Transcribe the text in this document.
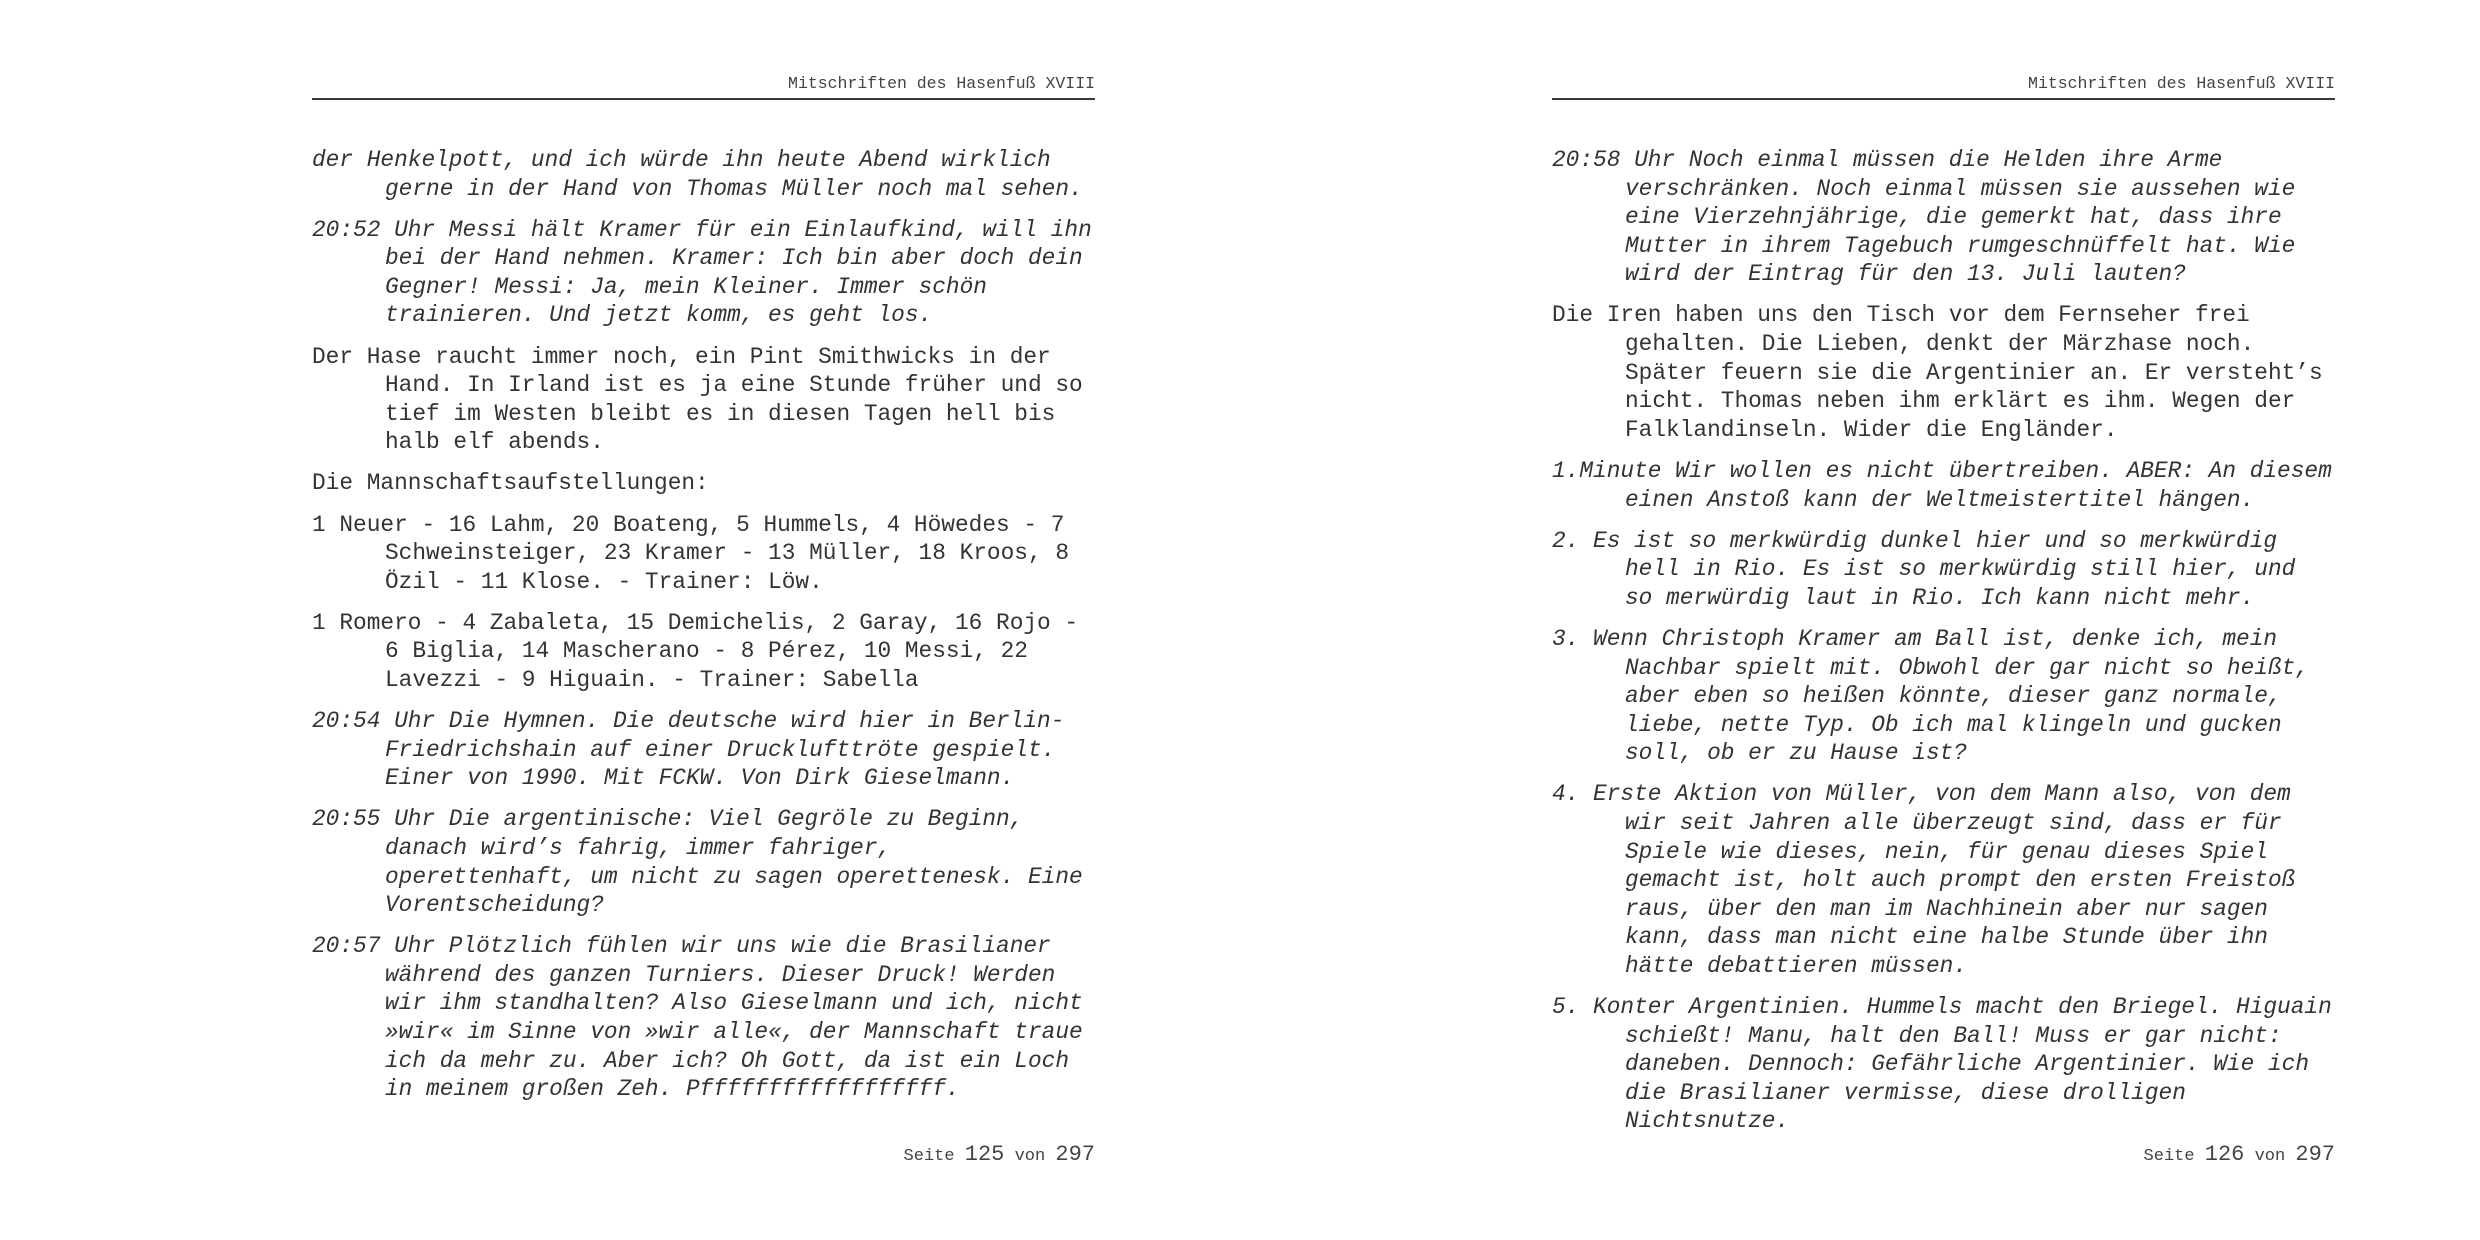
Mitschriften des Hasenfuß XVIII

der Henkelpott, und ich würde ihn heute Abend wirklich gerne in der Hand von Thomas Müller noch mal sehen.

20:52 Uhr Messi hält Kramer für ein Einlaufkind, will ihn bei der Hand nehmen. Kramer: Ich bin aber doch dein Gegner! Messi: Ja, mein Kleiner. Immer schön trainieren. Und jetzt komm, es geht los.

Der Hase raucht immer noch, ein Pint Smithwicks in der Hand. In Irland ist es ja eine Stunde früher und so tief im Westen bleibt es in diesen Tagen hell bis halb elf abends.

Die Mannschaftsaufstellungen:

1 Neuer - 16 Lahm, 20 Boateng, 5 Hummels, 4 Höwedes - 7 Schweinsteiger, 23 Kramer - 13 Müller, 18 Kroos, 8 Özil - 11 Klose. - Trainer: Löw.

1 Romero - 4 Zabaleta, 15 Demichelis, 2 Garay, 16 Rojo - 6 Biglia, 14 Mascherano - 8 Pérez, 10 Messi, 22 Lavezzi - 9 Higuain. - Trainer: Sabella

20:54 Uhr Die Hymnen. Die deutsche wird hier in Berlin-Friedrichshain auf einer Drucklufttröte gespielt. Einer von 1990. Mit FCKW. Von Dirk Gieselmann.

20:55 Uhr Die argentinische: Viel Gegröle zu Beginn, danach wird’s fahrig, immer fahriger, operettenhaft, um nicht zu sagen operettenesk. Eine Vorentscheidung?

20:57 Uhr Plötzlich fühlen wir uns wie die Brasilianer während des ganzen Turniers. Dieser Druck! Werden wir ihm standhalten? Also Gieselmann und ich, nicht »wir« im Sinne von »wir alle«, der Mannschaft traue ich da mehr zu. Aber ich? Oh Gott, da ist ein Loch in meinem großen Zeh. Pffffffffffffffffff.

Seite 125 von 297
Mitschriften des Hasenfuß XVIII

20:58 Uhr Noch einmal müssen die Helden ihre Arme verschränken. Noch einmal müssen sie aussehen wie eine Vierzehnjährige, die gemerkt hat, dass ihre Mutter in ihrem Tagebuch rumgeschnüffelt hat. Wie wird der Eintrag für den 13. Juli lauten?

Die Iren haben uns den Tisch vor dem Fernseher frei gehalten. Die Lieben, denkt der Märzhase noch. Später feuern sie die Argentinier an. Er versteht’s nicht. Thomas neben ihm erklärt es ihm. Wegen der Falklandinseln. Wider die Engländer.

1.Minute Wir wollen es nicht übertreiben. ABER: An diesem einen Anstoß kann der Weltmeistertitel hängen.

2. Es ist so merkwürdig dunkel hier und so merkwürdig hell in Rio. Es ist so merkwürdig still hier, und so merwürdig laut in Rio. Ich kann nicht mehr.

3. Wenn Christoph Kramer am Ball ist, denke ich, mein Nachbar spielt mit. Obwohl der gar nicht so heißt, aber eben so heißen könnte, dieser ganz normale, liebe, nette Typ. Ob ich mal klingeln und gucken soll, ob er zu Hause ist?

4. Erste Aktion von Müller, von dem Mann also, von dem wir seit Jahren alle überzeugt sind, dass er für Spiele wie dieses, nein, für genau dieses Spiel gemacht ist, holt auch prompt den ersten Freistoß raus, über den man im Nachhinein aber nur sagen kann, dass man nicht eine halbe Stunde über ihn hätte debattieren müssen.

5. Konter Argentinien. Hummels macht den Briegel. Higuain schießt! Manu, halt den Ball! Muss er gar nicht: daneben. Dennoch: Gefährliche Argentinier. Wie ich die Brasilianer vermisse, diese drolligen Nichtsnutze.

Seite 126 von 297
